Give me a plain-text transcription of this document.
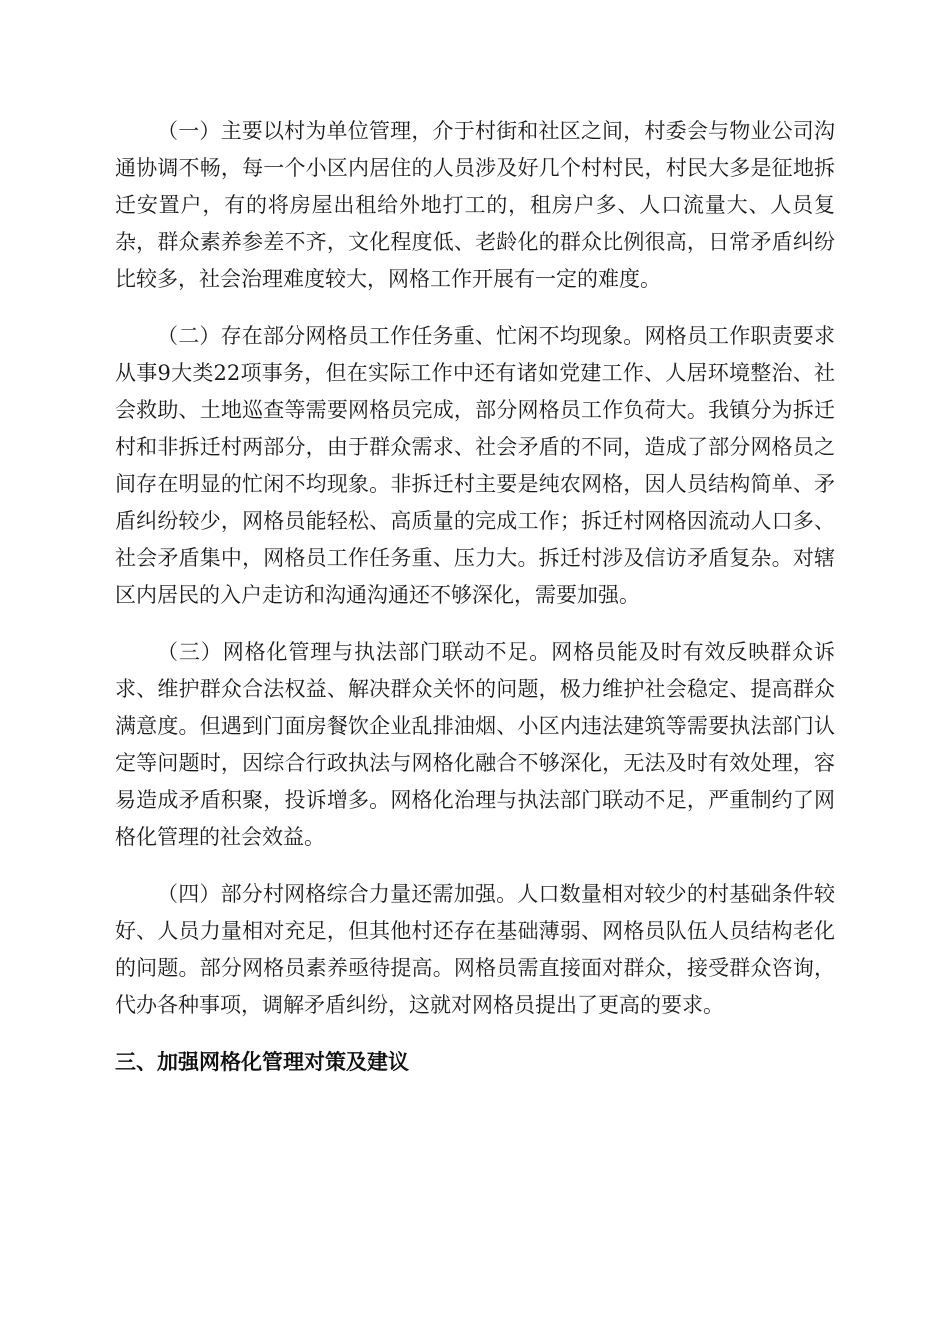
（一）主要以村为单位管理，介于村街和社区之间，村委会与物业公司沟通协调不畅，每一个小区内居住的人员涉及好几个村村民，村民大多是征地拆迁安置户，有的将房屋出租给外地打工的，租房户多、人口流量大、人员复杂，群众素养参差不齐，文化程度低、老龄化的群众比例很高，日常矛盾纠纷比较多，社会治理难度较大，网格工作开展有一定的难度。

（二）存在部分网格员工作任务重、忙闲不均现象。网格员工作职责要求从事9大类22项事务，但在实际工作中还有诸如党建工作、人居环境整治、社会救助、土地巡查等需要网格员完成，部分网格员工作负荷大。我镇分为拆迁村和非拆迁村两部分，由于群众需求、社会矛盾的不同，造成了部分网格员之间存在明显的忙闲不均现象。非拆迁村主要是纯农网格，因人员结构简单、矛盾纠纷较少，网格员能轻松、高质量的完成工作；拆迁村网格因流动人口多、社会矛盾集中，网格员工作任务重、压力大。拆迁村涉及信访矛盾复杂。对辖区内居民的入户走访和沟通沟通还不够深化，需要加强。

（三）网格化管理与执法部门联动不足。网格员能及时有效反映群众诉求、维护群众合法权益、解决群众关怀的问题，极力维护社会稳定、提高群众满意度。但遇到门面房餐饮企业乱排油烟、小区内违法建筑等需要执法部门认定等问题时，因综合行政执法与网格化融合不够深化，无法及时有效处理，容易造成矛盾积聚，投诉增多。网格化治理与执法部门联动不足，严重制约了网格化管理的社会效益。

（四）部分村网格综合力量还需加强。人口数量相对较少的村基础条件较好、人员力量相对充足，但其他村还存在基础薄弱、网格员队伍人员结构老化的问题。部分网格员素养亟待提高。网格员需直接面对群众，接受群众咨询，代办各种事项，调解矛盾纠纷，这就对网格员提出了更高的要求。

三、加强网格化管理对策及建议
